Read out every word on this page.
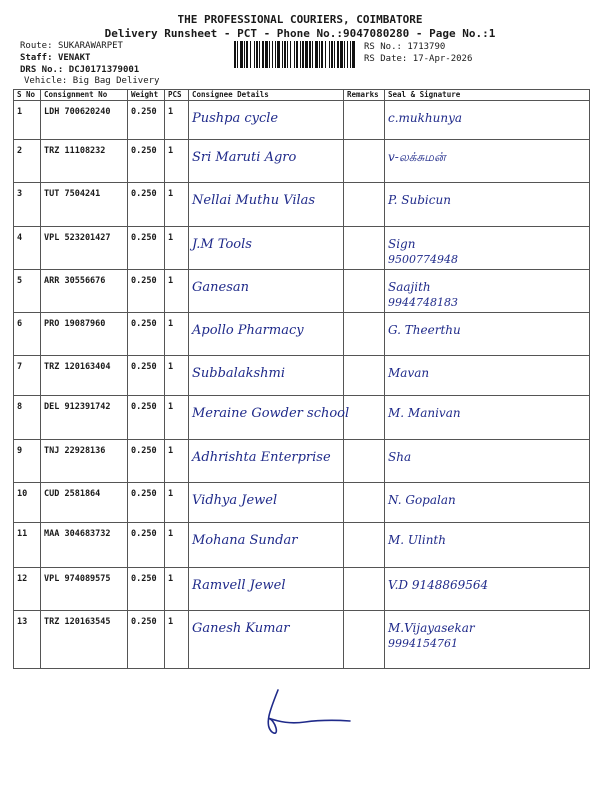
THE PROFESSIONAL COURIERS, COIMBATORE
Delivery Runsheet - PCT - Phone No.:9047080280 - Page No.:1
Route: SUKARAWARPET
Staff: VENAKT
DRS No.: DCJ0171379001
Vehicle: Big Bag Delivery
RS No.: 1713790
RS Date: 17-Apr-2026
S No	Consignment No	Weight	PCS	Consignee Details	Remarks	Seal & Signature

1	LDH 700620240	0.250	1	Pushpa cycle		c.mukhunya

2	TRZ 11108232	0.250	1	Sri Maruti Agro		v-லக்சுமன்

3	TUT 7504241	0.250	1	Nellai Muthu Vilas		P. Subicun

4	VPL 523201427	0.250	1	J.M Tools		Sign
9500774948

5	ARR 30556676	0.250	1	Ganesan		Saajith
9944748183

6	PRO 19087960	0.250	1	Apollo Pharmacy		G. Theerthu

7	TRZ 120163404	0.250	1	Subbalakshmi		Mavan

8	DEL 912391742	0.250	1	Meraine Gowder school		M. Manivan

9	TNJ 22928136	0.250	1	Adhrishta Enterprise		Sha

10	CUD 2581864	0.250	1	Vidhya Jewel		N. Gopalan

11	MAA 304683732	0.250	1	Mohana Sundar		M. Ulinth

12	VPL 974089575	0.250	1	Ramvell Jewel		V.D 9148869564

13	TRZ 120163545	0.250	1	Ganesh Kumar		M.Vijayasekar
9994154761
